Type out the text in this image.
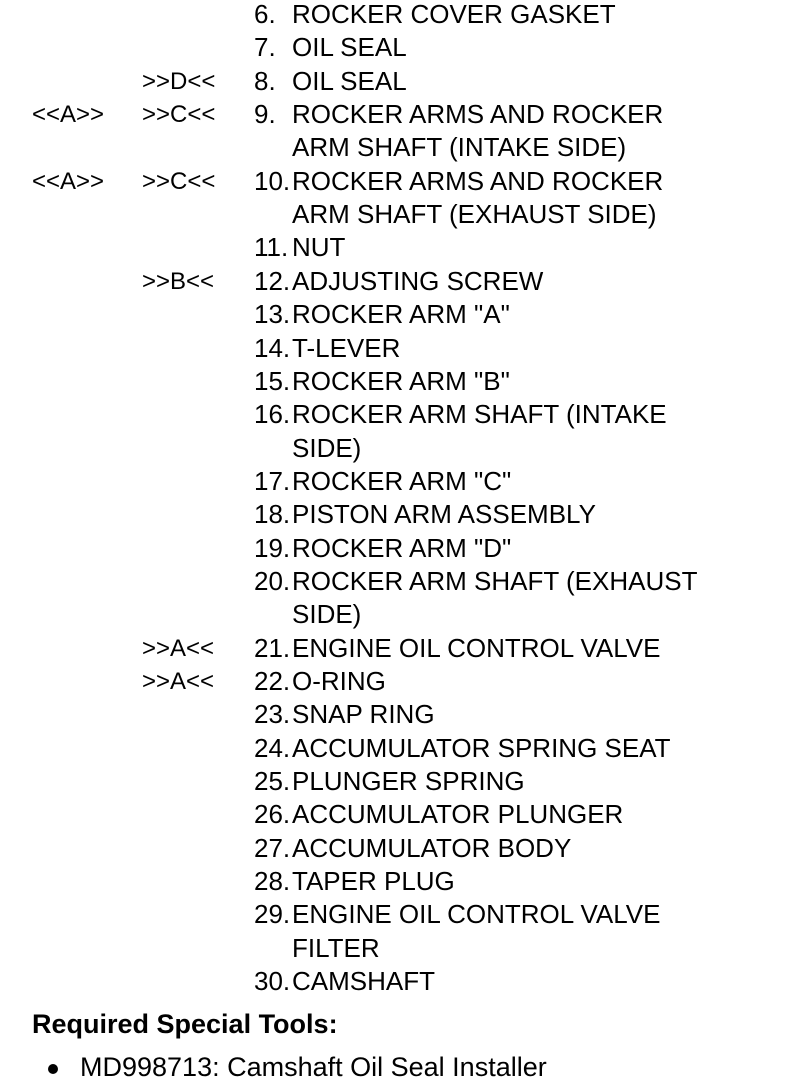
6. ROCKER COVER GASKET
7. OIL SEAL
>>D<< 8. OIL SEAL
<<A>> >>C<< 9. ROCKER ARMS AND ROCKER
ARM SHAFT (INTAKE SIDE)
<<A>> >>C<< 10. ROCKER ARMS AND ROCKER
ARM SHAFT (EXHAUST SIDE)
11. NUT
>>B<< 12. ADJUSTING SCREW
13. ROCKER ARM "A"
14. T-LEVER
15. ROCKER ARM "B"
16. ROCKER ARM SHAFT (INTAKE
SIDE)
17. ROCKER ARM "C"
18. PISTON ARM ASSEMBLY
19. ROCKER ARM "D"
20. ROCKER ARM SHAFT (EXHAUST
SIDE)
>>A<< 21. ENGINE OIL CONTROL VALVE
>>A<< 22. O-RING
23. SNAP RING
24. ACCUMULATOR SPRING SEAT
25. PLUNGER SPRING
26. ACCUMULATOR PLUNGER
27. ACCUMULATOR BODY
28. TAPER PLUG
29. ENGINE OIL CONTROL VALVE
FILTER
30. CAMSHAFT
Required Special Tools:
MD998713: Camshaft Oil Seal Installer
